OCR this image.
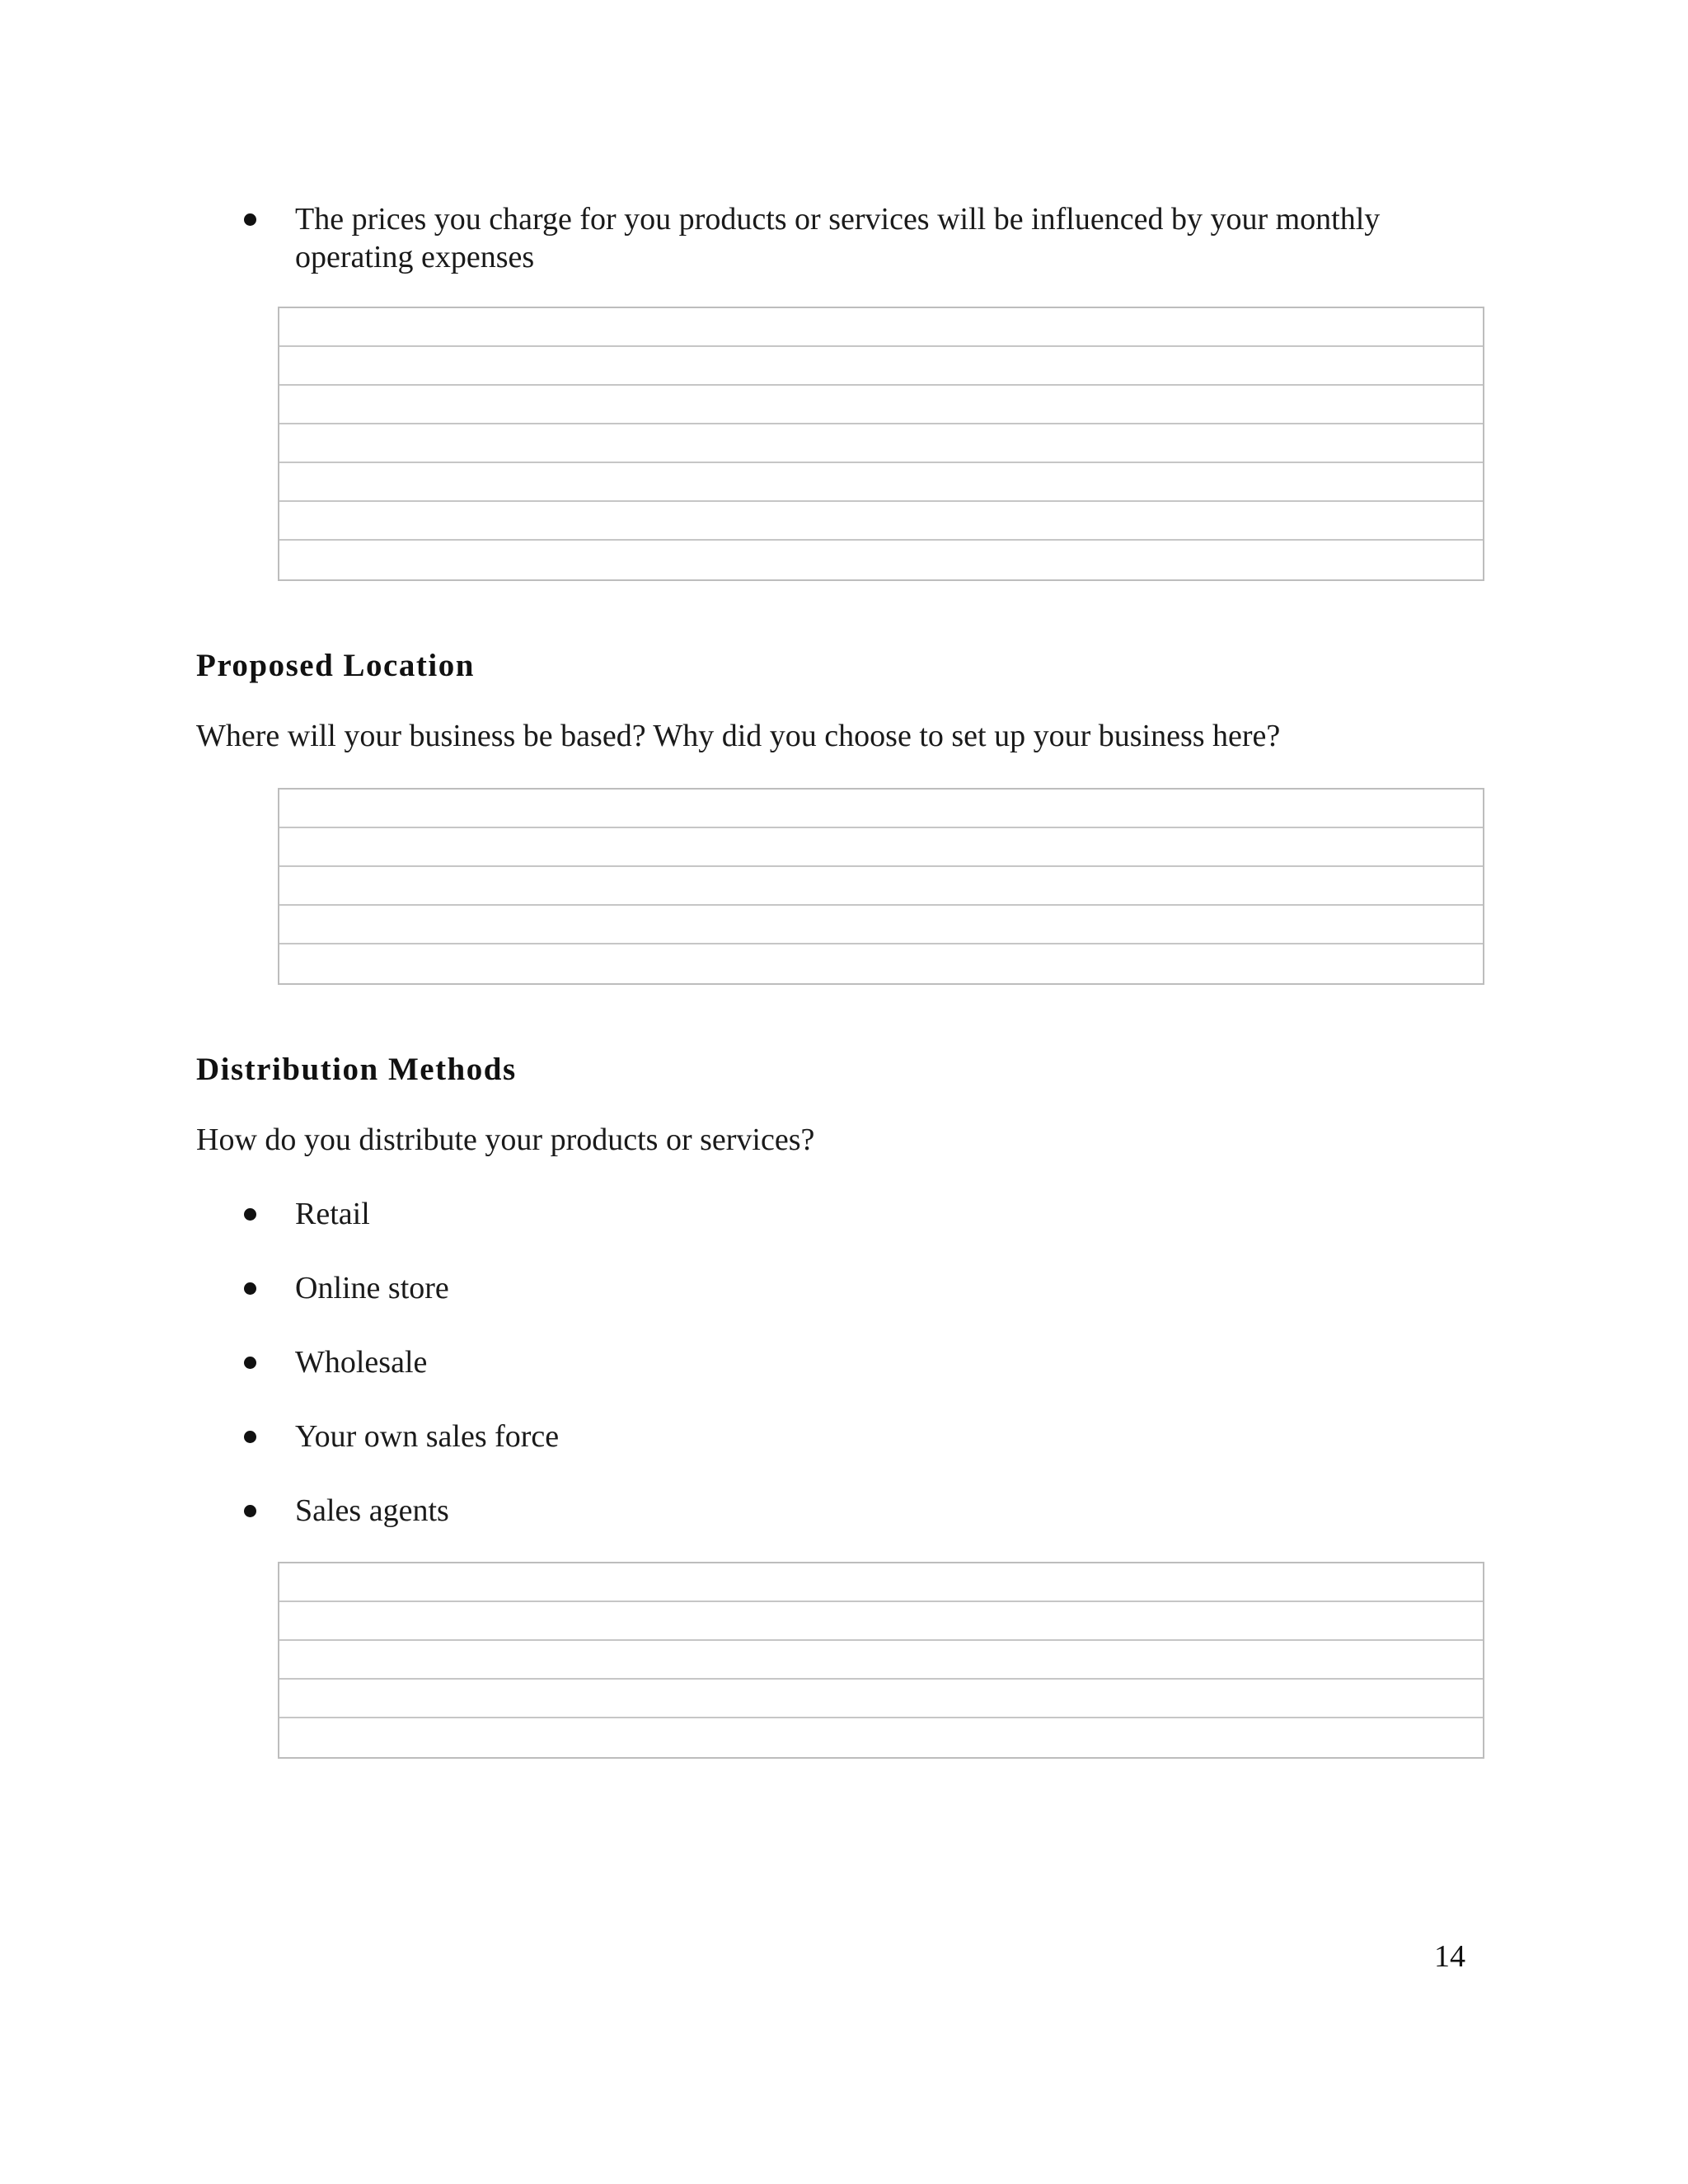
The prices you charge for you products or services will be influenced by your monthly
operating expenses
Proposed Location
Where will your business be based? Why did you choose to set up your business here?
Distribution Methods
How do you distribute your products or services?
Retail
Online store
Wholesale
Your own sales force
Sales agents
14
